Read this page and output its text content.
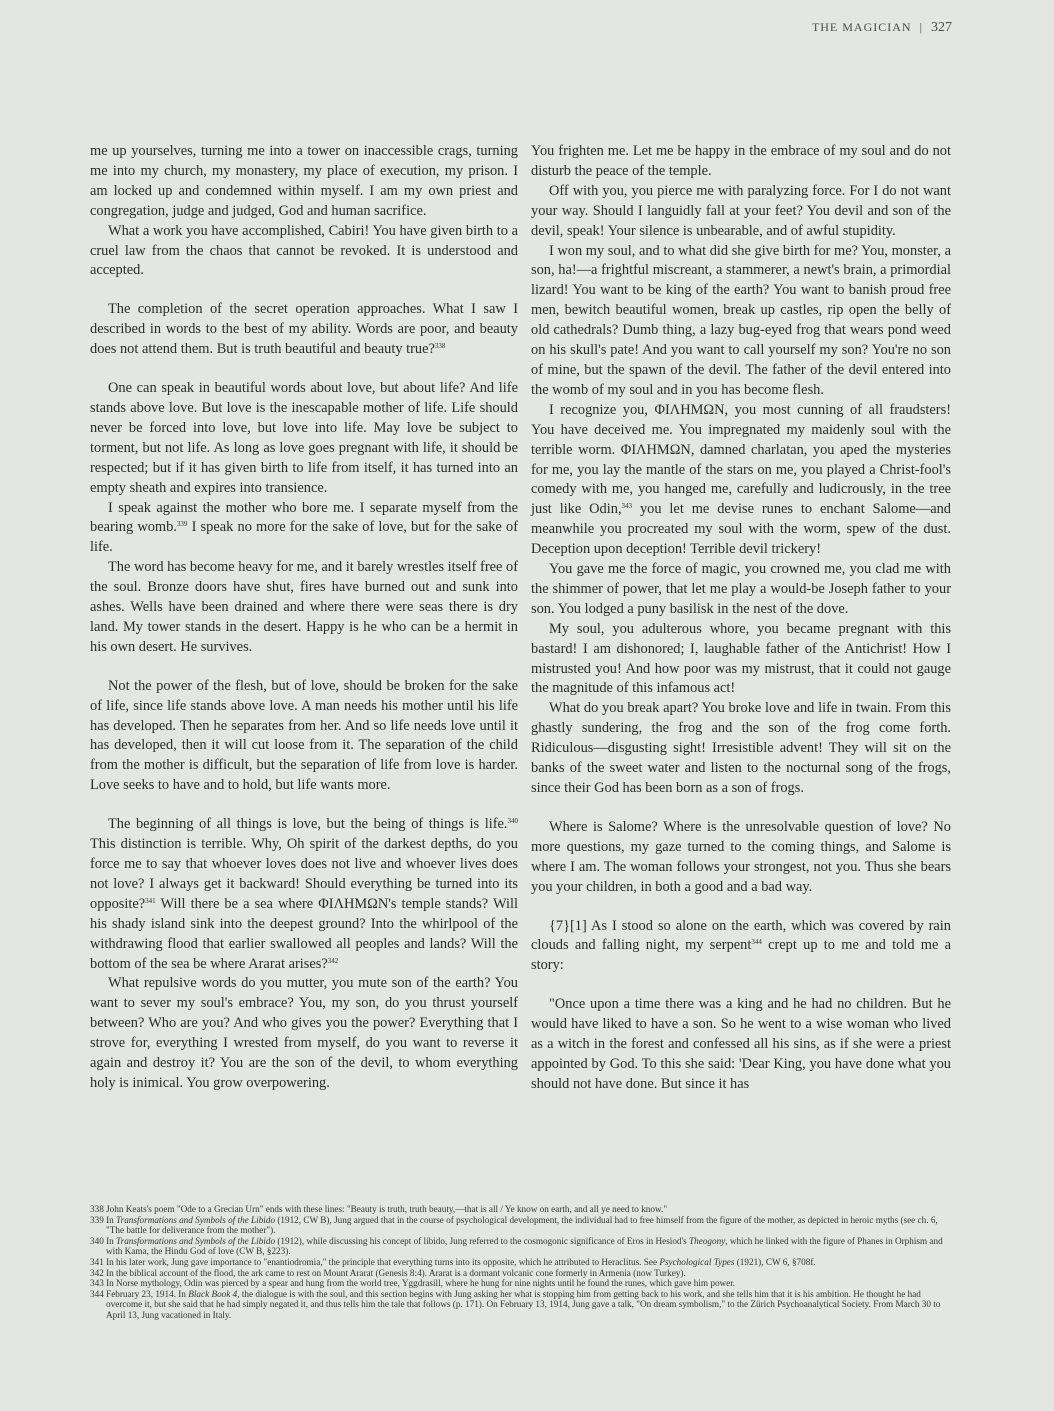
THE MAGICIAN | 327

me up yourselves, turning me into a tower on inaccessible crags, turning me into my church, my monastery, my place of execution, my prison. I am locked up and condemned within myself. I am my own priest and congregation, judge and judged, God and human sacrifice.

What a work you have accomplished, Cabiri! You have given birth to a cruel law from the chaos that cannot be revoked. It is understood and accepted.

The completion of the secret operation approaches. What I saw I described in words to the best of my ability. Words are poor, and beauty does not attend them. But is truth beautiful and beauty true?$^{338}$

One can speak in beautiful words about love, but about life? And life stands above love. But love is the inescapable mother of life. Life should never be forced into love, but love into life. May love be subject to torment, but not life. As long as love goes pregnant with life, it should be respected; but if it has given birth to life from itself, it has turned into an empty sheath and expires into transience.

I speak against the mother who bore me. I separate myself from the bearing womb.$^{339}$ I speak no more for the sake of love, but for the sake of life.

The word has become heavy for me, and it barely wrestles itself free of the soul. Bronze doors have shut, fires have burned out and sunk into ashes. Wells have been drained and where there were seas there is dry land. My tower stands in the desert. Happy is he who can be a hermit in his own desert. He survives.

Not the power of the flesh, but of love, should be broken for the sake of life, since life stands above love. A man needs his mother until his life has developed. Then he separates from her. And so life needs love until it has developed, then it will cut loose from it. The separation of the child from the mother is difficult, but the separation of life from love is harder. Love seeks to have and to hold, but life wants more.

The beginning of all things is love, but the being of things is life.$^{340}$ This distinction is terrible. Why, Oh spirit of the darkest depths, do you force me to say that whoever loves does not live and whoever lives does not love? I always get it backward! Should everything be turned into its opposite?$^{341}$ Will there be a sea where ΦΙΛΗΜΩΝ's temple stands? Will his shady island sink into the deepest ground? Into the whirlpool of the withdrawing flood that earlier swallowed all peoples and lands? Will the bottom of the sea be where Ararat arises?$^{342}$

What repulsive words do you mutter, you mute son of the earth? You want to sever my soul's embrace? You, my son, do you thrust yourself between? Who are you? And who gives you the power? Everything that I strove for, everything I wrested from myself, do you want to reverse it again and destroy it? You are the son of the devil, to whom everything holy is inimical. You grow overpowering.

You frighten me. Let me be happy in the embrace of my soul and do not disturb the peace of the temple.

Off with you, you pierce me with paralyzing force. For I do not want your way. Should I languidly fall at your feet? You devil and son of the devil, speak! Your silence is unbearable, and of awful stupidity.

I won my soul, and to what did she give birth for me? You, monster, a son, ha!—a frightful miscreant, a stammerer, a newt's brain, a primordial lizard! You want to be king of the earth? You want to banish proud free men, bewitch beautiful women, break up castles, rip open the belly of old cathedrals? Dumb thing, a lazy bug-eyed frog that wears pond weed on his skull's pate! And you want to call yourself my son? You're no son of mine, but the spawn of the devil. The father of the devil entered into the womb of my soul and in you has become flesh.

I recognize you, ΦΙΛΗΜΩΝ, you most cunning of all fraudsters! You have deceived me. You impregnated my maidenly soul with the terrible worm. ΦΙΛΗΜΩΝ, damned charlatan, you aped the mysteries for me, you lay the mantle of the stars on me, you played a Christ-fool's comedy with me, you hanged me, carefully and ludicrously, in the tree just like Odin,$^{343}$ you let me devise runes to enchant Salome—and meanwhile you procreated my soul with the worm, spew of the dust. Deception upon deception! Terrible devil trickery!

You gave me the force of magic, you crowned me, you clad me with the shimmer of power, that let me play a would-be Joseph father to your son. You lodged a puny basilisk in the nest of the dove.

My soul, you adulterous whore, you became pregnant with this bastard! I am dishonored; I, laughable father of the Antichrist! How I mistrusted you! And how poor was my mistrust, that it could not gauge the magnitude of this infamous act!

What do you break apart? You broke love and life in twain. From this ghastly sundering, the frog and the son of the frog come forth. Ridiculous—disgusting sight! Irresistible advent! They will sit on the banks of the sweet water and listen to the nocturnal song of the frogs, since their God has been born as a son of frogs.

Where is Salome? Where is the unresolvable question of love? No more questions, my gaze turned to the coming things, and Salome is where I am. The woman follows your strongest, not you. Thus she bears you your children, in both a good and a bad way.

{7}[1] As I stood so alone on the earth, which was covered by rain clouds and falling night, my serpent$^{344}$ crept up to me and told me a story:

"Once upon a time there was a king and he had no children. But he would have liked to have a son. So he went to a wise woman who lived as a witch in the forest and confessed all his sins, as if she were a priest appointed by God. To this she said: 'Dear King, you have done what you should not have done. But since it has

338 John Keats's poem "Ode to a Grecian Urn" ends with these lines: "Beauty is truth, truth beauty,—that is all / Ye know on earth, and all ye need to know."
339 In Transformations and Symbols of the Libido (1912, CW B), Jung argued that in the course of psychological development, the individual had to free himself from the figure of the mother, as depicted in heroic myths (see ch. 6, "The battle for deliverance from the mother").
340 In Transformations and Symbols of the Libido (1912), while discussing his concept of libido, Jung referred to the cosmogonic significance of Eros in Hesiod's Theogony, which he linked with the figure of Phanes in Orphism and with Kama, the Hindu God of love (CW B, §223).
341 In his later work, Jung gave importance to "enantiodromia," the principle that everything turns into its opposite, which he attributed to Heraclitus. See Psychological Types (1921), CW 6, §708f.
342 In the biblical account of the flood, the ark came to rest on Mount Ararat (Genesis 8:4). Ararat is a dormant volcanic cone formerly in Armenia (now Turkey).
343 In Norse mythology, Odin was pierced by a spear and hung from the world tree, Yggdrasill, where he hung for nine nights until he found the runes, which gave him power.
344 February 23, 1914. In Black Book 4, the dialogue is with the soul, and this section begins with Jung asking her what is stopping him from getting back to his work, and she tells him that it is his ambition. He thought he had overcome it, but she said that he had simply negated it, and thus tells him the tale that follows (p. 171). On February 13, 1914, Jung gave a talk, "On dream symbolism," to the Zürich Psychoanalytical Society. From March 30 to April 13, Jung vacationed in Italy.
